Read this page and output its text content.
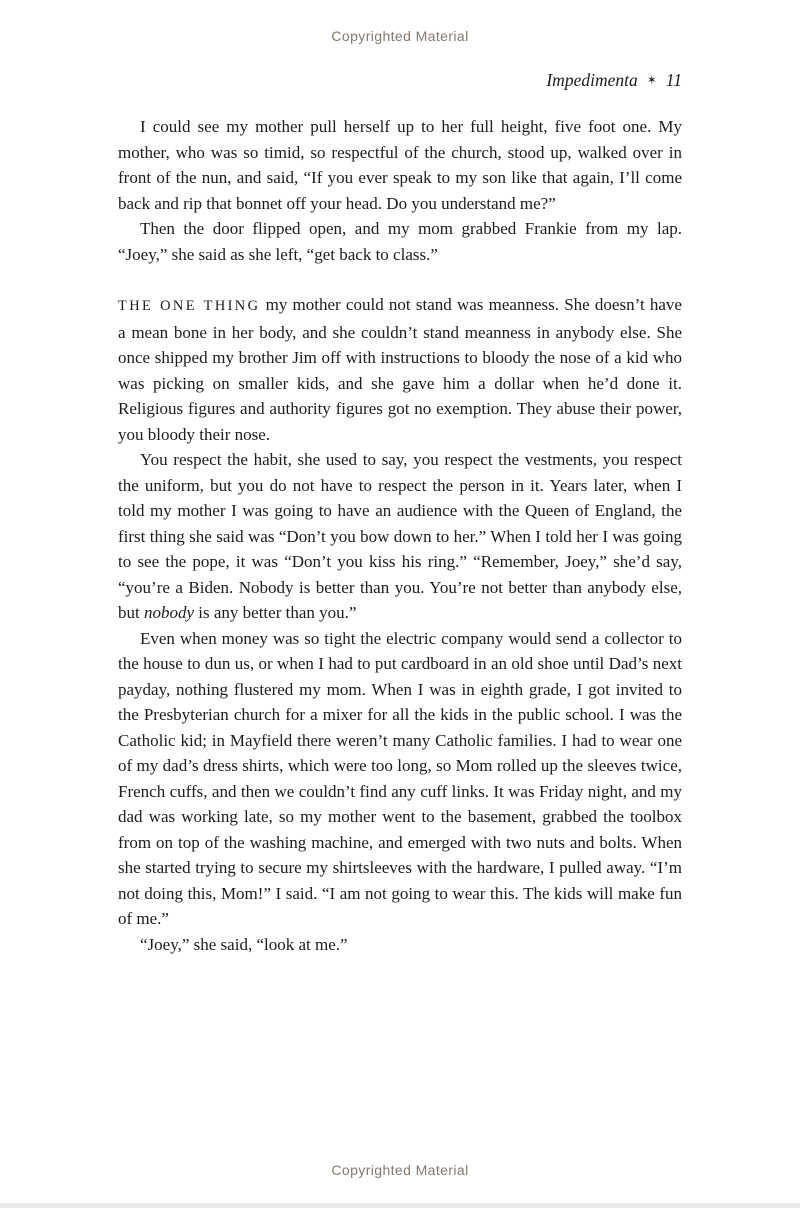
Copyrighted Material
Impedimenta ✶ 11

I could see my mother pull herself up to her full height, five foot one. My mother, who was so timid, so respectful of the church, stood up, walked over in front of the nun, and said, “If you ever speak to my son like that again, I’ll come back and rip that bonnet off your head. Do you understand me?”

Then the door flipped open, and my mom grabbed Frankie from my lap. “Joey,” she said as she left, “get back to class.”

THE ONE THING my mother could not stand was meanness. She doesn’t have a mean bone in her body, and she couldn’t stand meanness in anybody else. She once shipped my brother Jim off with instructions to bloody the nose of a kid who was picking on smaller kids, and she gave him a dollar when he’d done it. Religious figures and authority figures got no exemption. They abuse their power, you bloody their nose.

You respect the habit, she used to say, you respect the vestments, you respect the uniform, but you do not have to respect the person in it. Years later, when I told my mother I was going to have an audience with the Queen of England, the first thing she said was “Don’t you bow down to her.” When I told her I was going to see the pope, it was “Don’t you kiss his ring.” “Remember, Joey,” she’d say, “you’re a Biden. Nobody is better than you. You’re not better than anybody else, but nobody is any better than you.”

Even when money was so tight the electric company would send a collector to the house to dun us, or when I had to put cardboard in an old shoe until Dad’s next payday, nothing flustered my mom. When I was in eighth grade, I got invited to the Presbyterian church for a mixer for all the kids in the public school. I was the Catholic kid; in Mayfield there weren’t many Catholic families. I had to wear one of my dad’s dress shirts, which were too long, so Mom rolled up the sleeves twice, French cuffs, and then we couldn’t find any cuff links. It was Friday night, and my dad was working late, so my mother went to the basement, grabbed the toolbox from on top of the washing machine, and emerged with two nuts and bolts. When she started trying to secure my shirtsleeves with the hardware, I pulled away. “I’m not doing this, Mom!” I said. “I am not going to wear this. The kids will make fun of me.”

“Joey,” she said, “look at me.”

Copyrighted Material
